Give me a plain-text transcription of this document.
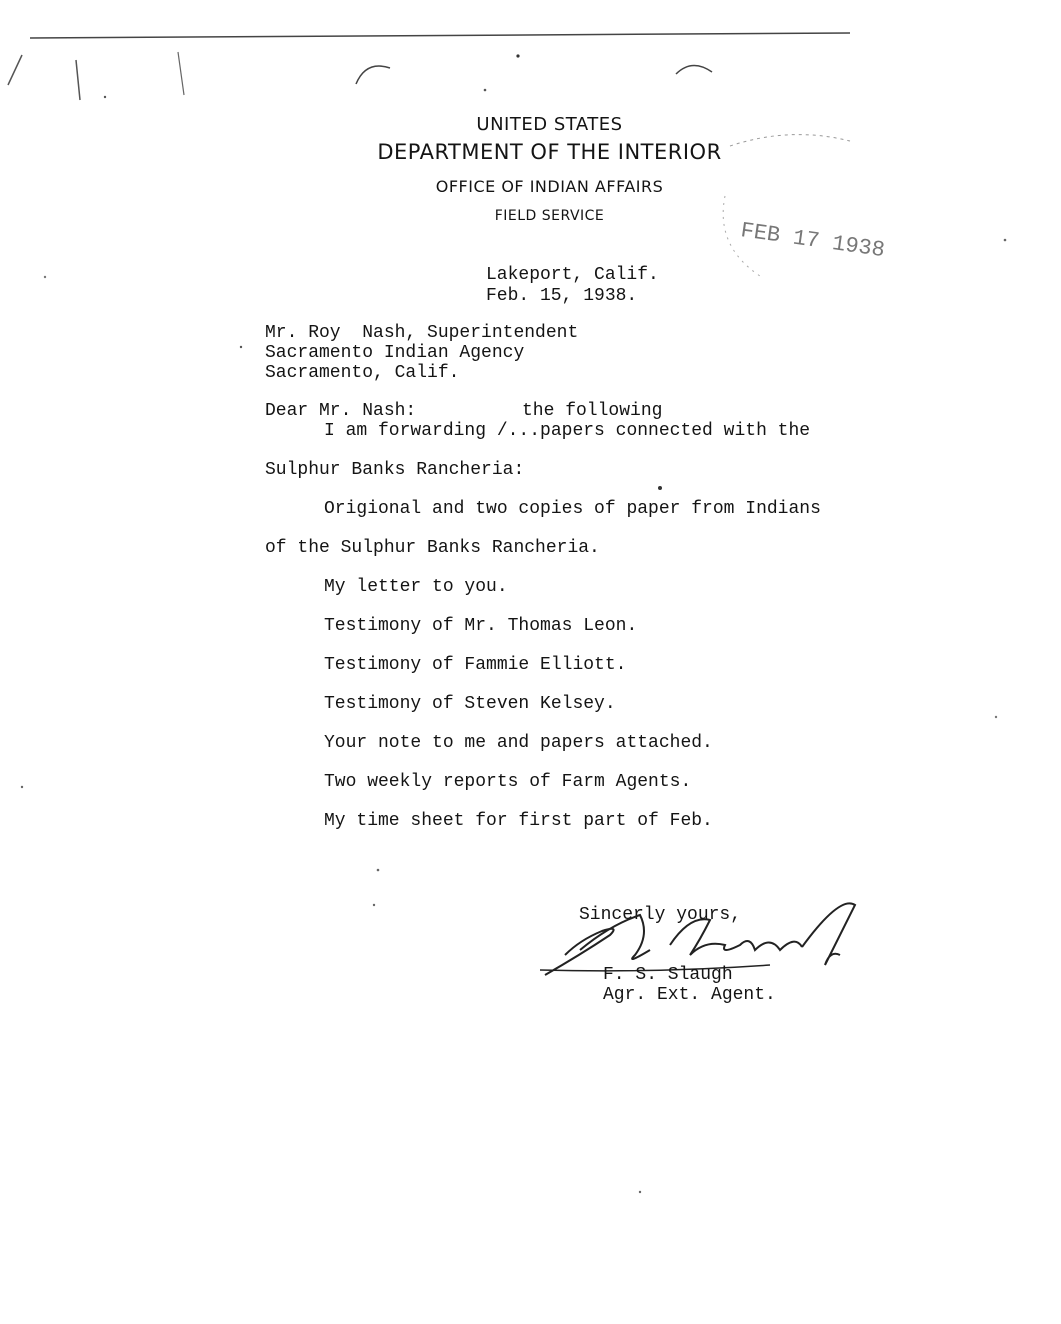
FEB 17 1938
UNITED STATES
DEPARTMENT OF THE INTERIOR
OFFICE OF INDIAN AFFAIRS
FIELD SERVICE
Lakeport, Calif.
Feb. 15, 1938.
Mr. Roy  Nash, Superintendent
Sacramento Indian Agency
Sacramento, Calif.
Dear Mr. Nash:	the following
I am forwarding /...papers connected with the
Sulphur Banks Rancheria:
Origional and two copies of paper from Indians
of the Sulphur Banks Rancheria.
My letter to you.
Testimony of Mr. Thomas Leon.
Testimony of Fammie Elliott.
Testimony of Steven Kelsey.
Your note to me and papers attached.
Two weekly reports of Farm Agents.
My time sheet for first part of Feb.
Sincerly yours,
F. S. Slaugh
Agr. Ext. Agent.
